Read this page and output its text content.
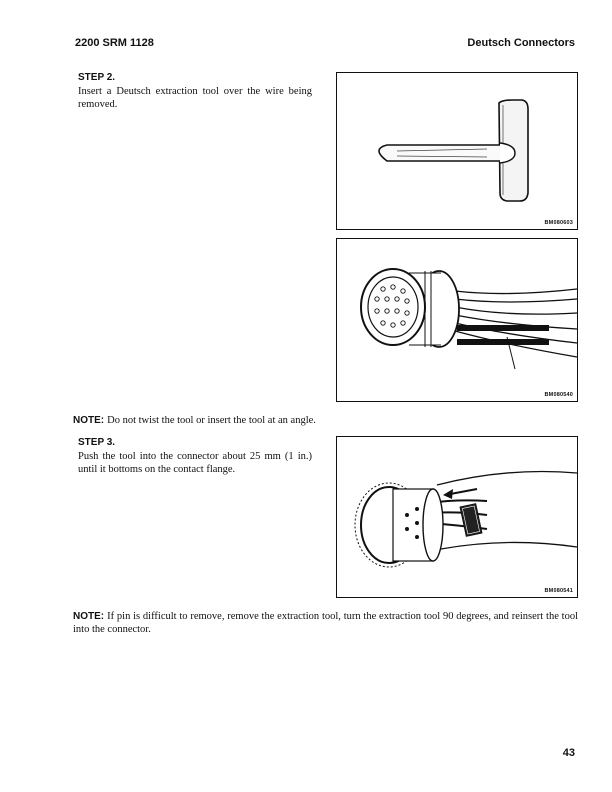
2200 SRM 1128	Deutsch Connectors
STEP 2.
Insert a Deutsch extraction tool over the wire being removed.
BM080603
BM080540
NOTE: Do not twist the tool or insert the tool at an angle.
STEP 3.
Push the tool into the connector about 25 mm (1 in.) until it bottoms on the contact flange.
BM080541
NOTE: If pin is difficult to remove, remove the extraction tool, turn the extraction tool 90 degrees, and reinsert the tool into the connector.
43
